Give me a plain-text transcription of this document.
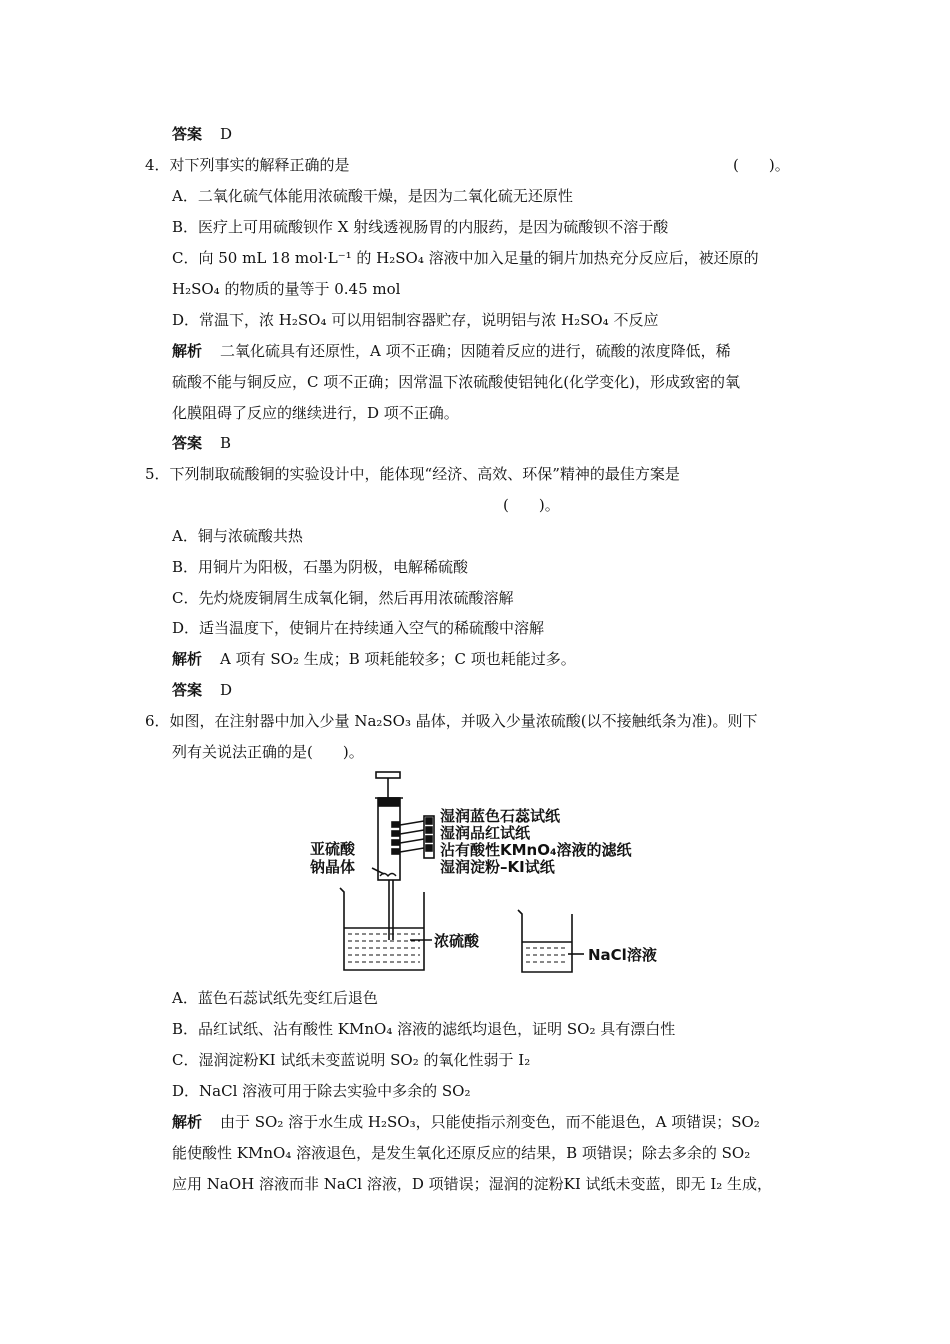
答案 D
4．对下列事实的解释正确的是	(　　)。
A．二氧化硫气体能用浓硫酸干燥，是因为二氧化硫无还原性
B．医疗上可用硫酸钡作 X 射线透视肠胃的内服药，是因为硫酸钡不溶于酸
C．向 50 mL 18 mol·L⁻¹ 的 H₂SO₄ 溶液中加入足量的铜片加热充分反应后，被还原的
H₂SO₄ 的物质的量等于 0.45 mol
D．常温下，浓 H₂SO₄ 可以用铝制容器贮存，说明铝与浓 H₂SO₄ 不反应
解析 二氧化硫具有还原性，A 项不正确；因随着反应的进行，硫酸的浓度降低，稀
硫酸不能与铜反应，C 项不正确；因常温下浓硫酸使铝钝化(化学变化)，形成致密的氧
化膜阻碍了反应的继续进行，D 项不正确。
答案 B
5．下列制取硫酸铜的实验设计中，能体现“经济、高效、环保”精神的最佳方案是
(　　)。
A．铜与浓硫酸共热
B．用铜片为阳极，石墨为阴极，电解稀硫酸
C．先灼烧废铜屑生成氧化铜，然后再用浓硫酸溶解
D．适当温度下，使铜片在持续通入空气的稀硫酸中溶解
解析 A 项有 SO₂ 生成；B 项耗能较多；C 项也耗能过多。
答案 D
6．如图，在注射器中加入少量 Na₂SO₃ 晶体，并吸入少量浓硫酸(以不接触纸条为准)。则下
列有关说法正确的是(　　)。
湿润蓝色石蕊试纸
湿润品红试纸
沾有酸性KMnO₄溶液的滤纸
湿润淀粉–KI试纸
亚硫酸
钠晶体
浓硫酸
NaCl溶液
A．蓝色石蕊试纸先变红后退色
B．品红试纸、沾有酸性 KMnO₄ 溶液的滤纸均退色，证明 SO₂ 具有漂白性
C．湿润淀粉KI 试纸未变蓝说明 SO₂ 的氧化性弱于 I₂
D．NaCl 溶液可用于除去实验中多余的 SO₂
解析 由于 SO₂ 溶于水生成 H₂SO₃，只能使指示剂变色，而不能退色，A 项错误；SO₂
能使酸性 KMnO₄ 溶液退色，是发生氧化还原反应的结果，B 项错误；除去多余的 SO₂
应用 NaOH 溶液而非 NaCl 溶液，D 项错误；湿润的淀粉KI 试纸未变蓝，即无 I₂ 生成，
